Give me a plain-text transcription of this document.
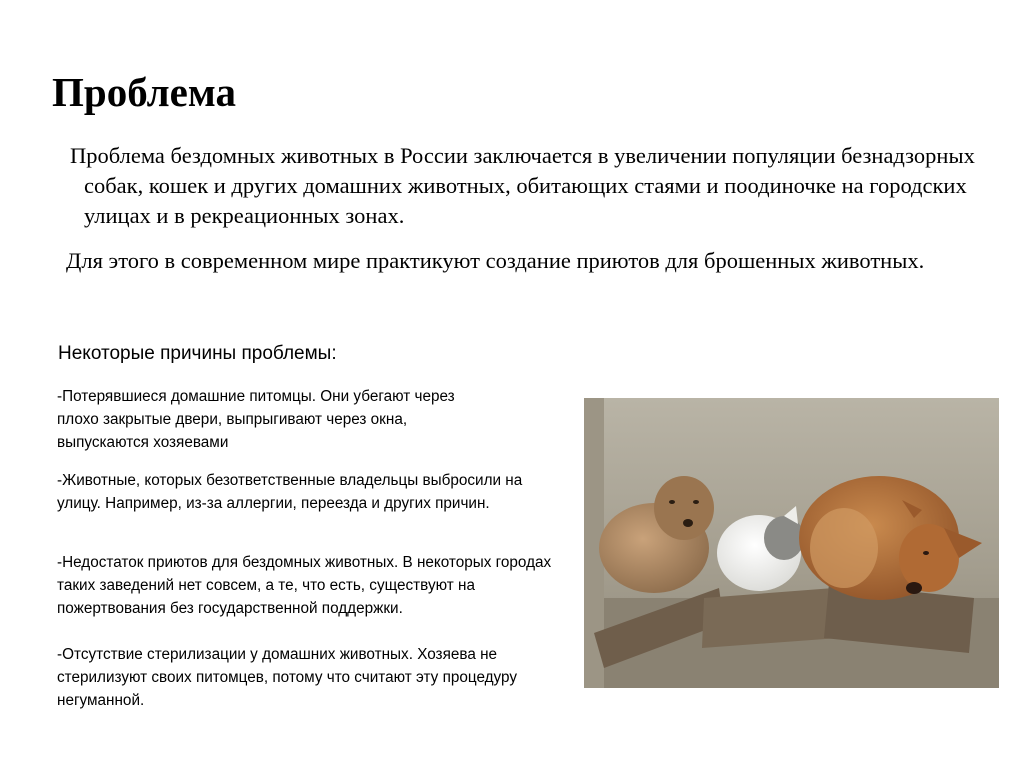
Проблема

Проблема бездомных животных в России заключается в увеличении популяции безнадзорных собак, кошек и других домашних животных, обитающих стаями и поодиночке на городских улицах и в рекреационных зонах.

Для этого в современном мире практикуют создание приютов для брошенных животных.

Некоторые причины проблемы:

-Потерявшиеся домашние питомцы. Они убегают через плохо закрытые двери, выпрыгивают через окна, выпускаются хозяевами

-Животные, которых безответственные владельцы выбросили на улицу. Например, из-за аллергии, переезда и других причин.

-Недостаток приютов для бездомных животных. В некоторых городах таких заведений нет совсем, а те, что есть, существуют на пожертвования без государственной поддержки.

-Отсутствие стерилизации у домашних животных. Хозяева не стерилизуют своих питомцев, потому что считают эту процедуру негуманной.
